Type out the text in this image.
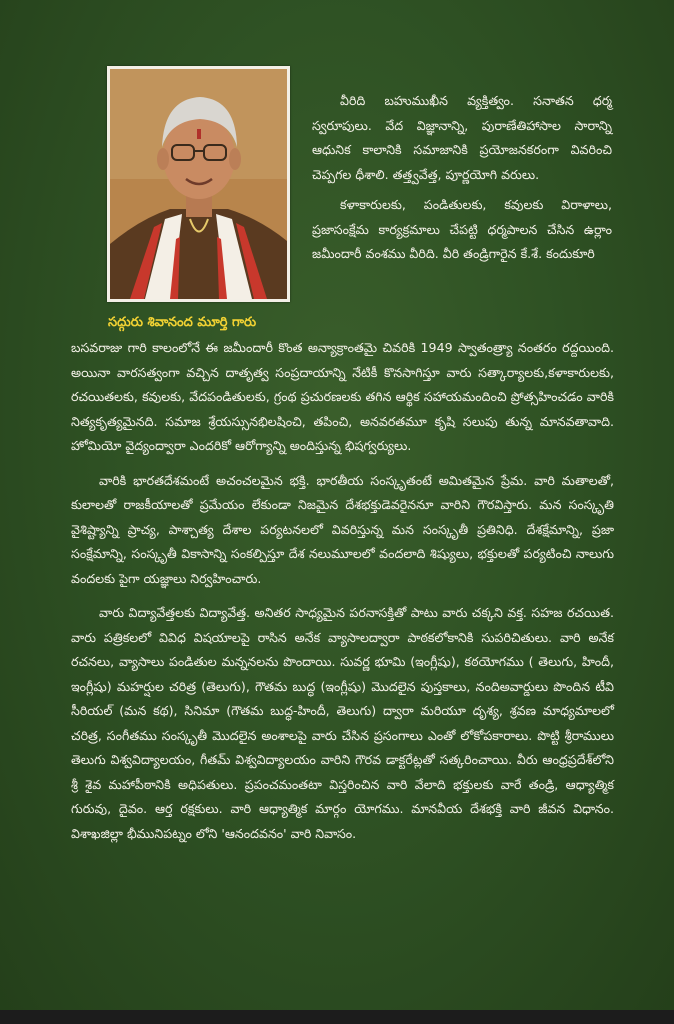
సద్గురు శివానంద మూర్తి గారు

వీరిది బహుముఖీన వ్యక్తిత్వం. సనాతన ధర్మ స్వరూపులు. వేద విజ్ఞానాన్ని, పురాణేతిహాసాల సారాన్ని ఆధునిక కాలానికి సమాజానికి ప్రయోజనకరంగా వివరించి చెప్పగల ధీశాలి. తత్త్వవేత్త, పూర్ణయోగి వరులు.

కళాకారులకు, పండితులకు, కవులకు విరాళాలు, ప్రజాసంక్షేమ కార్యక్రమాలు చేపట్టి ధర్మపాలన చేసిన ఉర్లాం జమీందారీ వంశము వీరిది. వీరి తండ్రిగారైన కే.శే. కందుకూరి

బసవరాజు గారి కాలంలోనే ఈ జమీందారీ కొంత అన్యాక్రాంతమై చివరికి 1949 స్వాతంత్ర్యా నంతరం రద్దయింది. అయినా వారసత్వంగా వచ్చిన దాతృత్వ సంప్రదాయాన్ని నేటికీ కొనసాగిస్తూ వారు సత్కార్యాలకు,కళాకారులకు, రచయితలకు, కవులకు, వేదపండితులకు, గ్రంథ ప్రచురణలకు తగిన ఆర్థిక సహాయమందించి ప్రోత్సహించడం వారికి నిత్యకృత్యమైనది. సమాజ శ్రేయస్సునభిలషించి, తపించి, అనవరతమూ కృషి సలుపు తున్న మానవతావాది. హోమియో వైద్యంద్వారా ఎందరికో ఆరోగ్యాన్ని అందిస్తున్న భిషగ్వర్యులు.

వారికి భారతదేశమంటే అచంచలమైన భక్తి. భారతీయ సంస్కృతంటే అమితమైన ప్రేమ. వారి మతాలతో, కులాలతో రాజకీయాలతో ప్రమేయం లేకుండా నిజమైన దేశభక్తుడెవరైననూ వారిని గౌరవిస్తారు. మన సంస్కృతి వైశిష్ట్యాన్ని ప్రాచ్య, పాశ్చాత్య దేశాల పర్యటనలలో వివరిస్తున్న మన సంస్కృతీ ప్రతినిధి. దేశక్షేమాన్ని, ప్రజా సంక్షేమాన్ని, సంస్కృతీ వికాసాన్ని సంకల్పిస్తూ దేశ నలుమూలలో వందలాది శిష్యులు, భక్తులతో పర్యటించి నాలుగు వందలకు పైగా యజ్ఞాలు నిర్వహించారు.

వారు విద్యావేత్తలకు విద్యావేత్త. అనితర సాధ్యమైన పరనాసక్తితో పాటు వారు చక్కని వక్త. సహజ రచయిత. వారు పత్రికలలో వివిధ విషయాలపై రాసిన అనేక వ్యాసాలద్వారా పాఠకలోకానికి సుపరిచితులు. వారి అనేక రచనలు, వ్యాసాలు పండితుల మన్ననలను పొందాయి. సువర్ణ భూమి (ఇంగ్లీషు), కఠయోగము ( తెలుగు, హిందీ, ఇంగ్లీషు) మహర్షుల చరిత్ర (తెలుగు), గౌతమ బుద్ధ (ఇంగ్లీషు) మొదలైన పుస్తకాలు, నందిఅవార్డులు పొందిన టీవి సీరియల్ (మన కథ), సినిమా (గౌతమ బుద్ధ-హిందీ, తెలుగు) ద్వారా మరియూ దృశ్య, శ్రవణ మాధ్యమాలలో చరిత్ర, సంగీతము సంస్కృతీ మొదలైన అంశాలపై వారు చేసిన ప్రసంగాలు ఎంతో లోకోపకారాలు. పొట్టి శ్రీరాములు తెలుగు విశ్వవిద్యాలయం, గీతమ్ విశ్వవిద్యాలయం వారిని గౌరవ డాక్టరేట్లతో సత్కరించాయి. వీరు ఆంధ్రప్రదేశ్‌లోని శ్రీ శైవ మహాపీఠానికి అధిపతులు. ప్రపంచమంతటా విస్తరించిన వారి వేలాది భక్తులకు వారే తండ్రి, ఆధ్యాత్మిక గురువు, దైవం. ఆర్త రక్షకులు. వారి ఆధ్యాత్మిక మార్గం యోగము. మానవీయ దేశభక్తి వారి జీవన విధానం. విశాఖజిల్లా భీమునిపట్నం లోని 'ఆనందవనం' వారి నివాసం.
